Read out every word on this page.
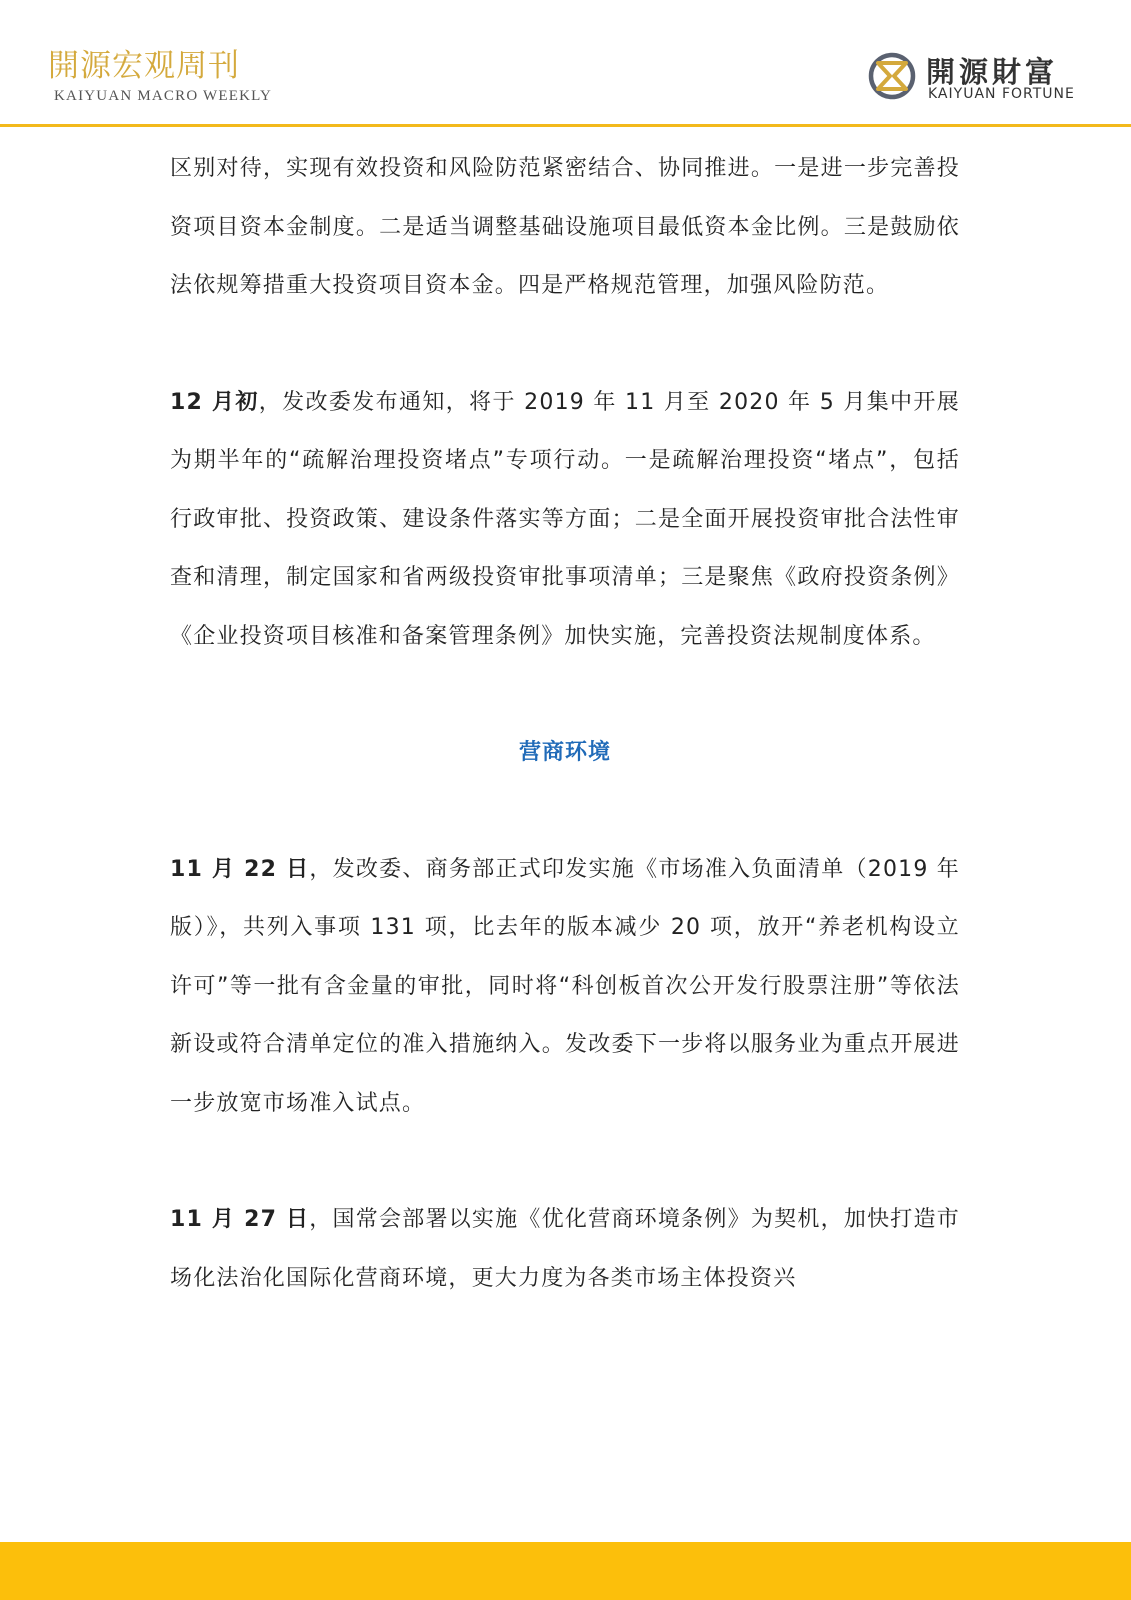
開源宏观周刊
KAIYUAN MACRO WEEKLY
開源財富
KAIYUAN FORTUNE

区别对待，实现有效投资和风险防范紧密结合、协同推进。一是进一步完善投资项目资本金制度。二是适当调整基础设施项目最低资本金比例。三是鼓励依法依规筹措重大投资项目资本金。四是严格规范管理，加强风险防范。

12 月初，发改委发布通知，将于 2019 年 11 月至 2020 年 5 月集中开展为期半年的“疏解治理投资堵点”专项行动。一是疏解治理投资“堵点”，包括行政审批、投资政策、建设条件落实等方面；二是全面开展投资审批合法性审查和清理，制定国家和省两级投资审批事项清单；三是聚焦《政府投资条例》《企业投资项目核准和备案管理条例》加快实施，完善投资法规制度体系。

营商环境

11 月 22 日，发改委、商务部正式印发实施《市场准入负面清单（2019 年版）》，共列入事项 131 项，比去年的版本减少 20 项，放开“养老机构设立许可”等一批有含金量的审批，同时将“科创板首次公开发行股票注册”等依法新设或符合清单定位的准入措施纳入。发改委下一步将以服务业为重点开展进一步放宽市场准入试点。

11 月 27 日，国常会部署以实施《优化营商环境条例》为契机，加快打造市场化法治化国际化营商环境，更大力度为各类市场主体投资兴
